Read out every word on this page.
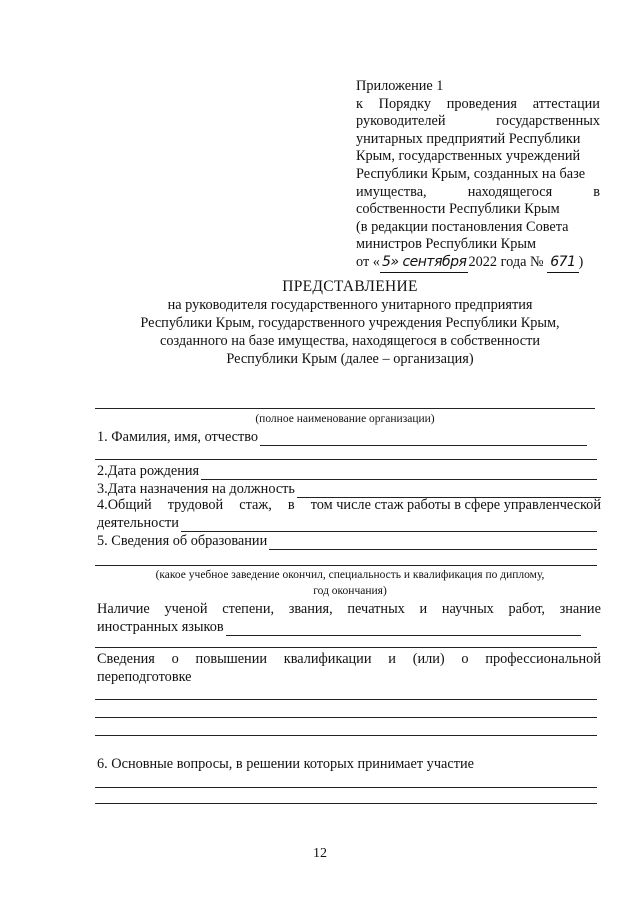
Приложение 1
к Порядку проведения аттестации
руководителей	государственных
унитарных предприятий Республики
Крым, государственных учреждений
Республики Крым, созданных на базе
имущества,	находящегося	в
собственности Республики Крым
(в редакции постановления Совета
министров Республики Крым
от « 5» сентября 2022 года № 671 )
ПРЕДСТАВЛЕНИЕ
на руководителя государственного унитарного предприятия
Республики Крым, государственного учреждения Республики Крым,
созданного на базе имущества, находящегося в собственности
Республики Крым (далее – организация)
(полное наименование организации)
1. Фамилия, имя, отчество
2.Дата рождения
3.Дата назначения на должность
4.Общий трудовой стаж, в том числе стаж работы в сфере управленческой
деятельности
5. Сведения об образовании
(какое учебное заведение окончил, специальность и квалификация по диплому,
год окончания)
Наличие ученой степени, звания, печатных и научных работ, знание
иностранных языков
Сведения о повышении квалификации и (или) о профессиональной
переподготовке
6. Основные вопросы, в решении которых принимает участие
12
